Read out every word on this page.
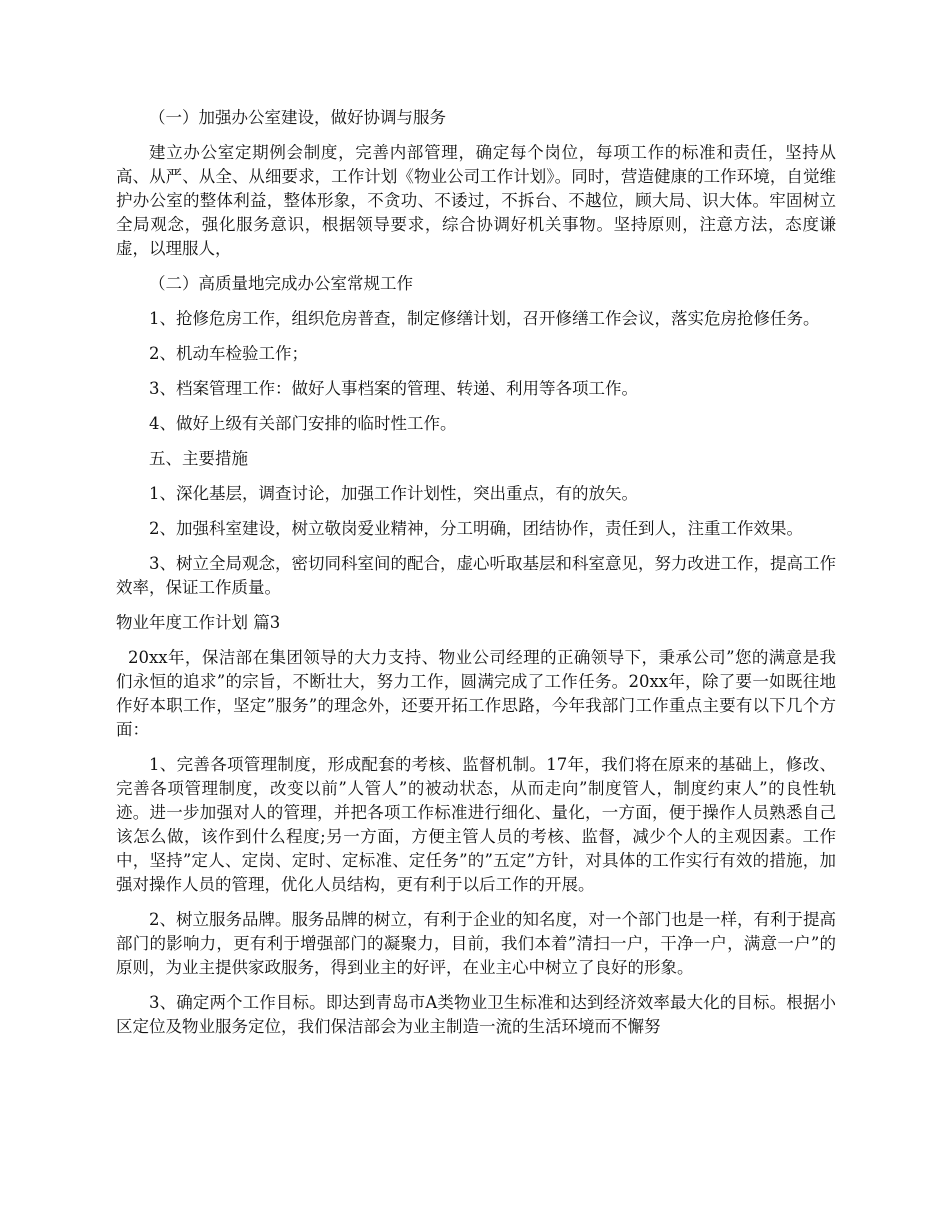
（一）加强办公室建设，做好协调与服务

建立办公室定期例会制度，完善内部管理，确定每个岗位，每项工作的标准和责任，坚持从高、从严、从全、从细要求，工作计划《物业公司工作计划》。同时，营造健康的工作环境，自觉维护办公室的整体利益，整体形象，不贪功、不诿过，不拆台、不越位，顾大局、识大体。牢固树立全局观念，强化服务意识，根据领导要求，综合协调好机关事物。坚持原则，注意方法，态度谦虚，以理服人，

（二）高质量地完成办公室常规工作

1、抢修危房工作，组织危房普查，制定修缮计划，召开修缮工作会议，落实危房抢修任务。

2、机动车检验工作；

3、档案管理工作：做好人事档案的管理、转递、利用等各项工作。

4、做好上级有关部门安排的临时性工作。

五、主要措施

1、深化基层，调查讨论，加强工作计划性，突出重点，有的放矢。

2、加强科室建设，树立敬岗爱业精神，分工明确，团结协作，责任到人，注重工作效果。

3、树立全局观念，密切同科室间的配合，虚心听取基层和科室意见，努力改进工作，提高工作效率，保证工作质量。

物业年度工作计划 篇3

20xx年，保洁部在集团领导的大力支持、物业公司经理的正确领导下，秉承公司”您的满意是我们永恒的追求”的宗旨，不断壮大，努力工作，圆满完成了工作任务。20xx年，除了要一如既往地作好本职工作，坚定”服务”的理念外，还要开拓工作思路，今年我部门工作重点主要有以下几个方面：

1、完善各项管理制度，形成配套的考核、监督机制。17年，我们将在原来的基础上，修改、完善各项管理制度，改变以前”人管人”的被动状态，从而走向”制度管人，制度约束人”的良性轨迹。进一步加强对人的管理，并把各项工作标准进行细化、量化，一方面，便于操作人员熟悉自己该怎么做，该作到什么程度;另一方面，方便主管人员的考核、监督，减少个人的主观因素。工作中，坚持”定人、定岗、定时、定标准、定任务”的”五定”方针，对具体的工作实行有效的措施，加强对操作人员的管理，优化人员结构，更有利于以后工作的开展。

2、树立服务品牌。服务品牌的树立，有利于企业的知名度，对一个部门也是一样，有利于提高部门的影响力，更有利于增强部门的凝聚力，目前，我们本着”清扫一户，干净一户，满意一户”的原则，为业主提供家政服务，得到业主的好评，在业主心中树立了良好的形象。

3、确定两个工作目标。即达到青岛市A类物业卫生标准和达到经济效率最大化的目标。根据小区定位及物业服务定位，我们保洁部会为业主制造一流的生活环境而不懈努
